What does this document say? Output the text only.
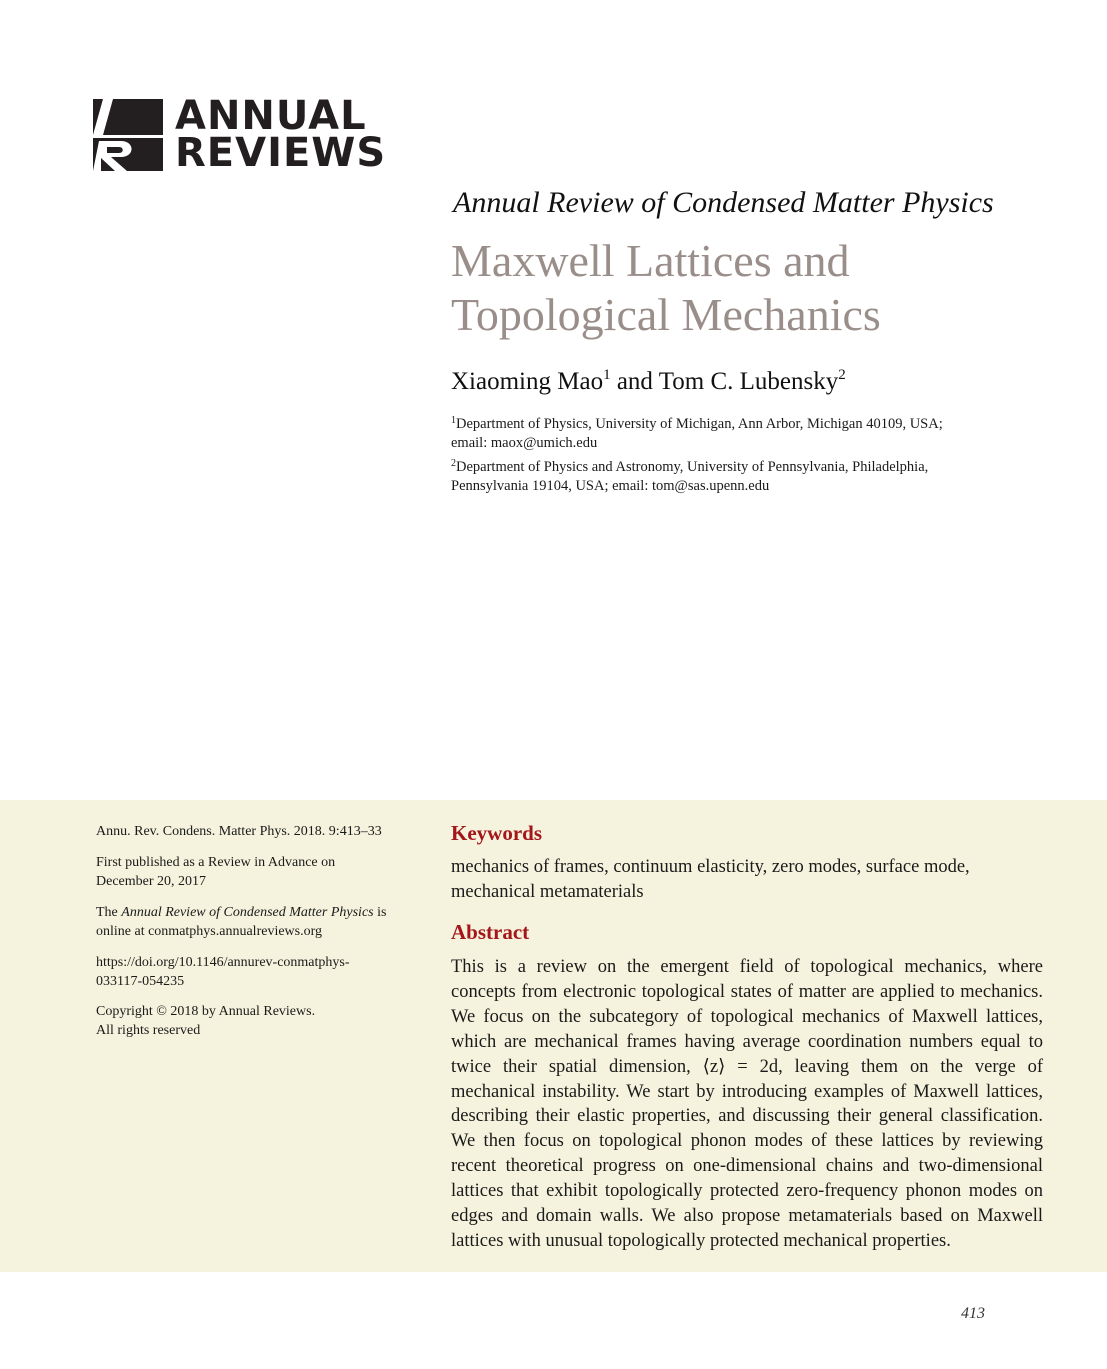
ANNUAL
REVIEWS
Annual Review of Condensed Matter Physics
Maxwell Lattices and
Topological Mechanics
Xiaoming Mao$^1$ and Tom C. Lubensky$^2$
$^1$Department of Physics, University of Michigan, Ann Arbor, Michigan 40109, USA;
email: maox@umich.edu
$^2$Department of Physics and Astronomy, University of Pennsylvania, Philadelphia,
Pennsylvania 19104, USA; email: tom@sas.upenn.edu
Annu. Rev. Condens. Matter Phys. 2018. 9:413–33
First published as a Review in Advance on
December 20, 2017
The Annual Review of Condensed Matter Physics is
online at conmatphys.annualreviews.org
https://doi.org/10.1146/annurev-conmatphys-
033117-054235
Copyright © 2018 by Annual Reviews.
All rights reserved
Keywords
mechanics of frames, continuum elasticity, zero modes, surface mode,
mechanical metamaterials
Abstract
This is a review on the emergent field of topological mechanics, where concepts from electronic topological states of matter are applied to mechanics. We focus on the subcategory of topological mechanics of Maxwell lattices, which are mechanical frames having average coordination numbers equal to twice their spatial dimension, ⟨z⟩ = 2d, leaving them on the verge of mechanical instability. We start by introducing examples of Maxwell lattices, describing their elastic properties, and discussing their general classification. We then focus on topological phonon modes of these lattices by reviewing recent theoretical progress on one-dimensional chains and two-dimensional lattices that exhibit topologically protected zero-frequency phonon modes on edges and domain walls. We also propose metamaterials based on Maxwell lattices with unusual topologically protected mechanical properties.
413
